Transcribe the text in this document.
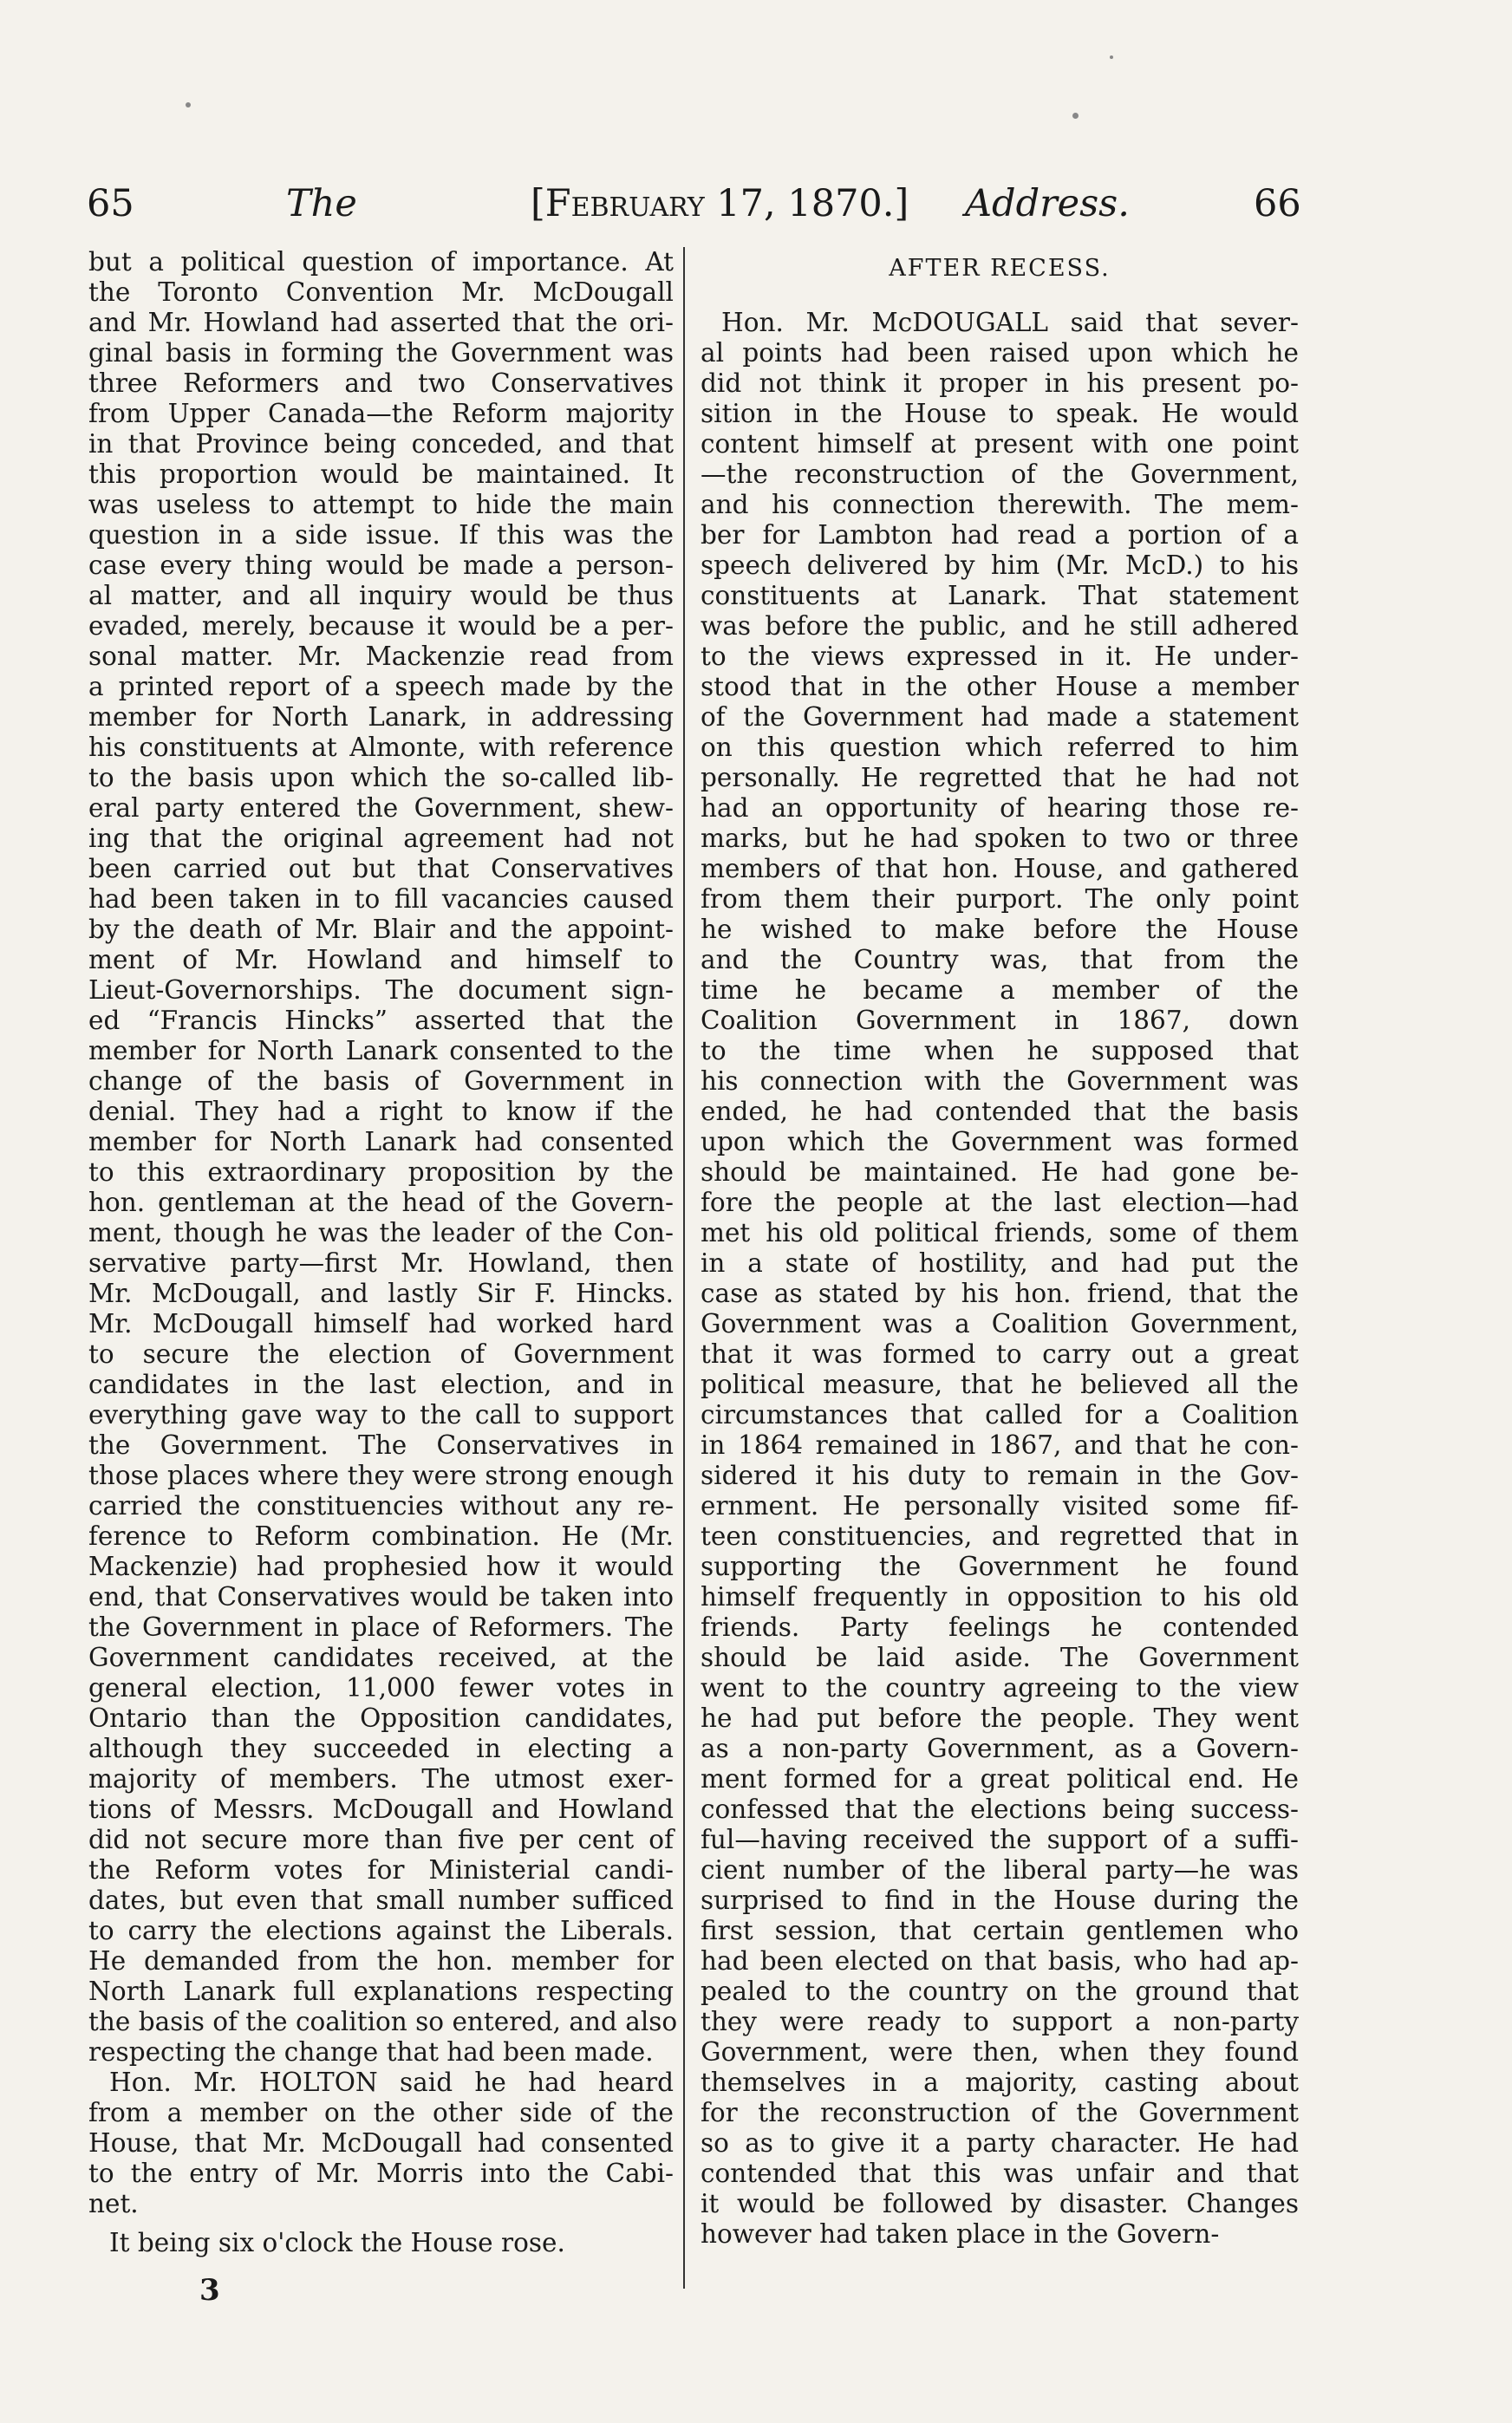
65	The	[February 17, 1870.] Address.	66
but a political question of importance. At
the Toronto Convention Mr. McDougall
and Mr. Howland had asserted that the ori-
ginal basis in forming the Government was
three Reformers and two Conservatives
from Upper Canada—the Reform majority
in that Province being conceded, and that
this proportion would be maintained. It
was useless to attempt to hide the main
question in a side issue. If this was the
case every thing would be made a person-
al matter, and all inquiry would be thus
evaded, merely, because it would be a per-
sonal matter. Mr. Mackenzie read from
a printed report of a speech made by the
member for North Lanark, in addressing
his constituents at Almonte, with reference
to the basis upon which the so-called lib-
eral party entered the Government, shew-
ing that the original agreement had not
been carried out but that Conservatives
had been taken in to fill vacancies caused
by the death of Mr. Blair and the appoint-
ment of Mr. Howland and himself to
Lieut-Governorships. The document sign-
ed “Francis Hincks” asserted that the
member for North Lanark consented to the
change of the basis of Government in
denial. They had a right to know if the
member for North Lanark had consented
to this extraordinary proposition by the
hon. gentleman at the head of the Govern-
ment, though he was the leader of the Con-
servative party—first Mr. Howland, then
Mr. McDougall, and lastly Sir F. Hincks.
Mr. McDougall himself had worked hard
to secure the election of Government
candidates in the last election, and in
everything gave way to the call to support
the Government. The Conservatives in
those places where they were strong enough
carried the constituencies without any re-
ference to Reform combination. He (Mr.
Mackenzie) had prophesied how it would
end, that Conservatives would be taken into
the Government in place of Reformers. The
Government candidates received, at the
general election, 11,000 fewer votes in
Ontario than the Opposition candidates,
although they succeeded in electing a
majority of members. The utmost exer-
tions of Messrs. McDougall and Howland
did not secure more than five per cent of
the Reform votes for Ministerial candi-
dates, but even that small number sufficed
to carry the elections against the Liberals.
He demanded from the hon. member for
North Lanark full explanations respecting
the basis of the coalition so entered, and also
respecting the change that had been made.
Hon. Mr. HOLTON said he had heard
from a member on the other side of the
House, that Mr. McDougall had consented
to the entry of Mr. Morris into the Cabi-
net.
It being six o'clock the House rose.
AFTER RECESS.
Hon. Mr. McDOUGALL said that sever-
al points had been raised upon which he
did not think it proper in his present po-
sition in the House to speak. He would
content himself at present with one point
—the reconstruction of the Government,
and his connection therewith. The mem-
ber for Lambton had read a portion of a
speech delivered by him (Mr. McD.) to his
constituents at Lanark. That statement
was before the public, and he still adhered
to the views expressed in it. He under-
stood that in the other House a member
of the Government had made a statement
on this question which referred to him
personally. He regretted that he had not
had an opportunity of hearing those re-
marks, but he had spoken to two or three
members of that hon. House, and gathered
from them their purport. The only point
he wished to make before the House
and the Country was, that from the
time he became a member of the
Coalition Government in 1867, down
to the time when he supposed that
his connection with the Government was
ended, he had contended that the basis
upon which the Government was formed
should be maintained. He had gone be-
fore the people at the last election—had
met his old political friends, some of them
in a state of hostility, and had put the
case as stated by his hon. friend, that the
Government was a Coalition Government,
that it was formed to carry out a great
political measure, that he believed all the
circumstances that called for a Coalition
in 1864 remained in 1867, and that he con-
sidered it his duty to remain in the Gov-
ernment. He personally visited some fif-
teen constituencies, and regretted that in
supporting the Government he found
himself frequently in opposition to his old
friends. Party feelings he contended
should be laid aside. The Government
went to the country agreeing to the view
he had put before the people. They went
as a non-party Government, as a Govern-
ment formed for a great political end. He
confessed that the elections being success-
ful—having received the support of a suffi-
cient number of the liberal party—he was
surprised to find in the House during the
first session, that certain gentlemen who
had been elected on that basis, who had ap-
pealed to the country on the ground that
they were ready to support a non-party
Government, were then, when they found
themselves in a majority, casting about
for the reconstruction of the Government
so as to give it a party character. He had
contended that this was unfair and that
it would be followed by disaster. Changes
however had taken place in the Govern-
3
